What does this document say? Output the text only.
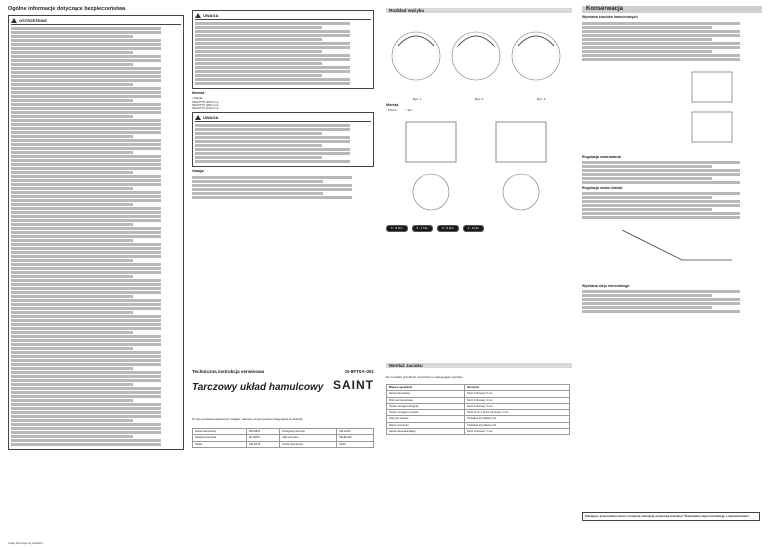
Ogólne informacje dotyczące bezpieczeństwa
OSTRZEŻENIE
Uwagi dotyczące tej publikacji
UWAGA
Montaż
• Piasta
SM-RT76 (160 mm)
SM-RT76 (180 mm)
SM-RT76 (140 mm)
UWAGA
Uwaga
Techniczna instrukcja serwisowa	SI-8FT0A-001
Tarczowy układ hamulcowy SAINT
W celu uzyskania najlepszych osiągów, zalecamy wykorzystanie następującej kombinacji.
Zacisk hamulcowy	BR-M810	Dźwignia przerzutki	SM-HU40
Dźwignia hamulca	BL-M810	Wąż hamulca	SM-BH-ML
Piasta	SM-RT76	Klocki hamulcowe	G01S
Rozkład wężyka
Rys. 1	Rys. 2	Rys. 3
Montaż
‹ Przód ›	‹ Tył ›
6 - 8 Nm	5 - 7 Nm	6 - 8 Nm	4 - 6 Nm
Montaż zacisku
Do montażu przednich mocowań na następujące wymiary.
Miejsce ugniatania	Narzędzie
Zacisk hamulcowy	Klucz imbusowy 5 mm
Pokrywa hamulcowa	Klucz imbusowy 4 mm
Śruba mocująca dźwignię	Klucz imbusowy 4 mm
Śruba mocująca przewód	Klucz 8 mm / Klucz imbusowy 2 mm
Pokrywa zacisku	Śrubokręt krzyżakowy #1
Złącze przewodu	Śrubokręt krzyżakowy #1
Zacisk odpowietrzający	Klucz imbusowy 7 mm
Konserwacja
Wymiana klocków hamulcowych
Regulacja smarowania
Regulacja skoku klamki
Wymiana oleju mineralnego
Pamiętaj o przeczytaniu razem z niniejszą instrukcją serwisową instrukcji "Śrubowanie oleju mineralnego i odpowietrzanie".
